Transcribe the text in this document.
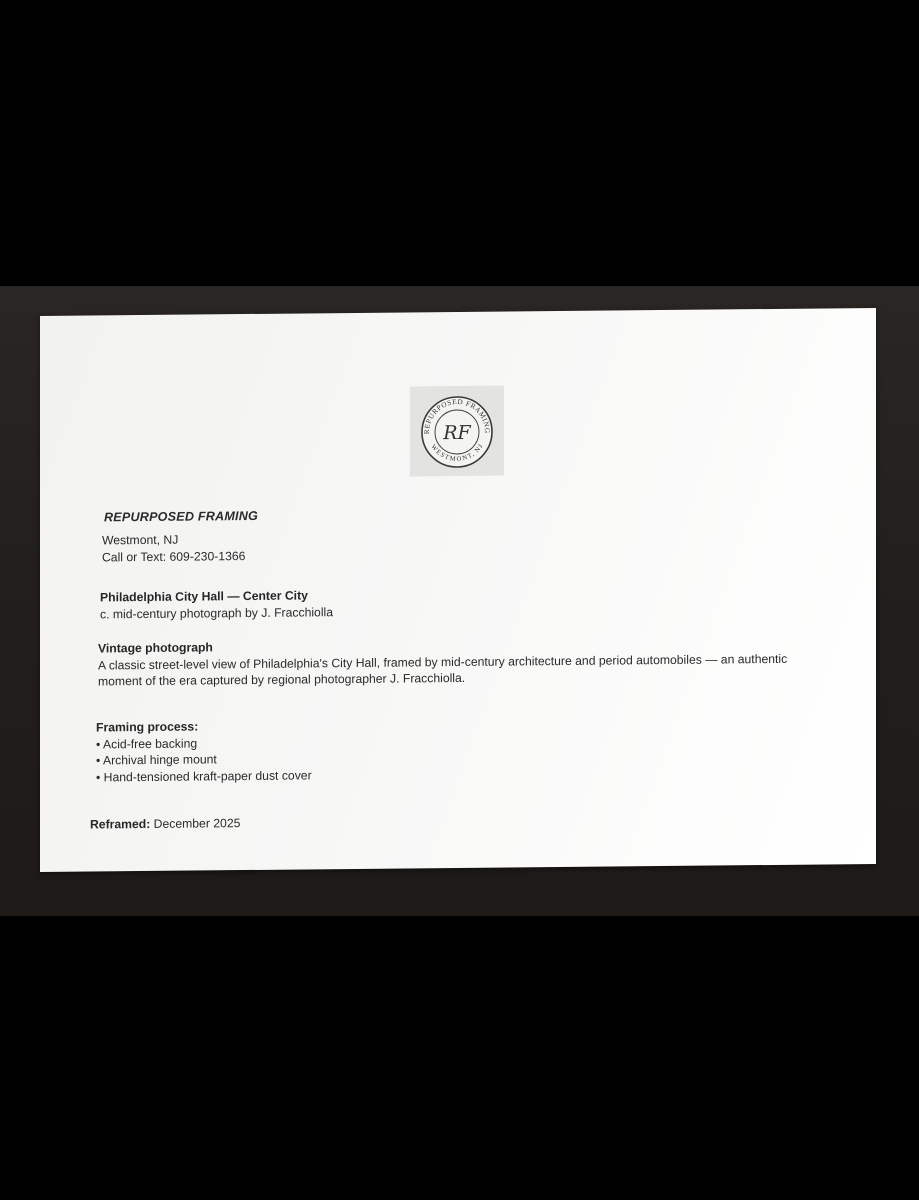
REPURPOSED FRAMING
WESTMONT, NJ
RF
REPURPOSED FRAMING
Westmont, NJ
Call or Text: 609-230-1366
Philadelphia City Hall — Center City
c. mid-century photograph by J. Fracchiolla
Vintage photograph
A classic street-level view of Philadelphia's City Hall, framed by mid-century architecture and period automobiles — an authentic moment of the era captured by regional photographer J. Fracchiolla.
Framing process:
• Acid-free backing
• Archival hinge mount
• Hand-tensioned kraft-paper dust cover
Reframed: December 2025
